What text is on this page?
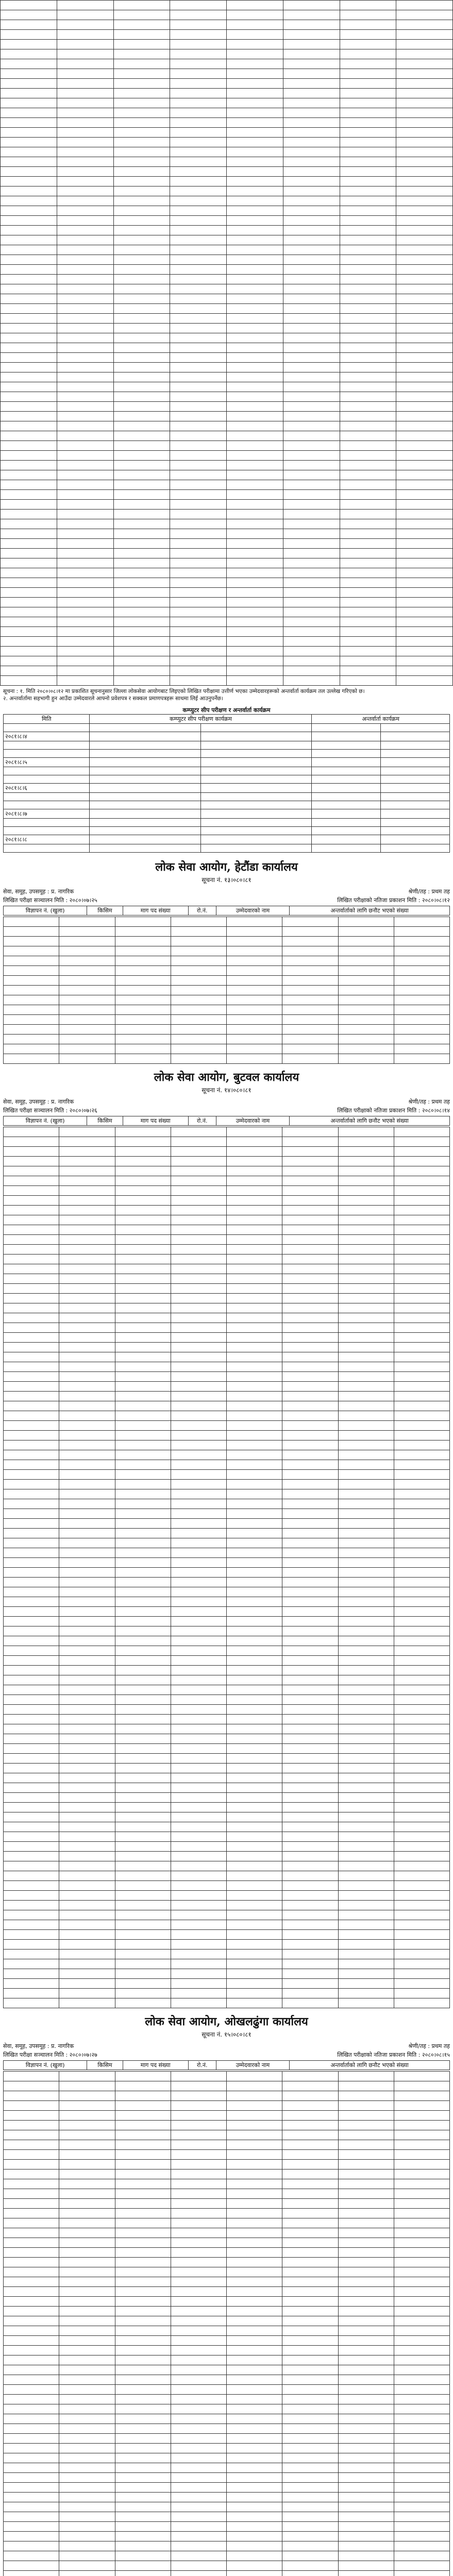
सूचना : १. मिति २०८०।०८।१२ मा प्रकाशित सूचनानुसार जिल्ला लोकसेवा आयोगबाट लिइएको लिखित परीक्षामा उत्तीर्ण भएका उम्मेदवारहरूको अन्तर्वार्ता कार्यक्रम तल उल्लेख गरिएको छ।
२. अन्तर्वार्तामा सहभागी हुन आउँदा उम्मेदवारले आफ्नो प्रवेशपत्र र सक्कल प्रमाणपत्रहरू साथमा लिई आउनुपर्नेछ।
कम्प्युटर सीप परीक्षण र अन्तर्वार्ता कार्यक्रम
मिति	कम्प्युटर सीप परीक्षण कार्यक्रम		अन्तर्वार्ता कार्यक्रम	

२०८१।८।४				

२०८१।८।५				

२०८१।८।६				

२०८१।८।७				

२०८१।८।८				

लोक सेवा आयोग, हेटौंडा कार्यालय
सूचना नं. १३।०८०।८१
सेवा, समूह, उपसमूह : प्र. नागरिक	श्रेणी/तह : प्रथम तह
लिखित परीक्षा सञ्चालन मिति : २०८०।०७।२५	लिखित परीक्षाको नतिजा प्रकाशन मिति : २०८०।०८।१२
विज्ञापन नं. (खुला)	किसिम	माग पद संख्या	रो.नं.	उम्मेदवारको नाम	अन्तर्वार्ताको लागि छनौट भएको संख्या

लोक सेवा आयोग, बुटवल कार्यालय
सूचना नं. १४।०८०।८१
सेवा, समूह, उपसमूह : प्र. नागरिक	श्रेणी/तह : प्रथम तह
लिखित परीक्षा सञ्चालन मिति : २०८०।०७।२६	लिखित परीक्षाको नतिजा प्रकाशन मिति : २०८०।०८।१४
विज्ञापन नं. (खुला)	किसिम	माग पद संख्या	रो.नं.	उम्मेदवारको नाम	अन्तर्वार्ताको लागि छनौट भएको संख्या

लोक सेवा आयोग, ओखलढुंगा कार्यालय
सूचना नं. १५।०८०।८१
सेवा, समूह, उपसमूह : प्र. नागरिक	श्रेणी/तह : प्रथम तह
लिखित परीक्षा सञ्चालन मिति : २०८०।०७।२७	लिखित परीक्षाको नतिजा प्रकाशन मिति : २०८०।०८।१५
विज्ञापन नं. (खुला)	किसिम	माग पद संख्या	रो.नं.	उम्मेदवारको नाम	अन्तर्वार्ताको लागि छनौट भएको संख्या
